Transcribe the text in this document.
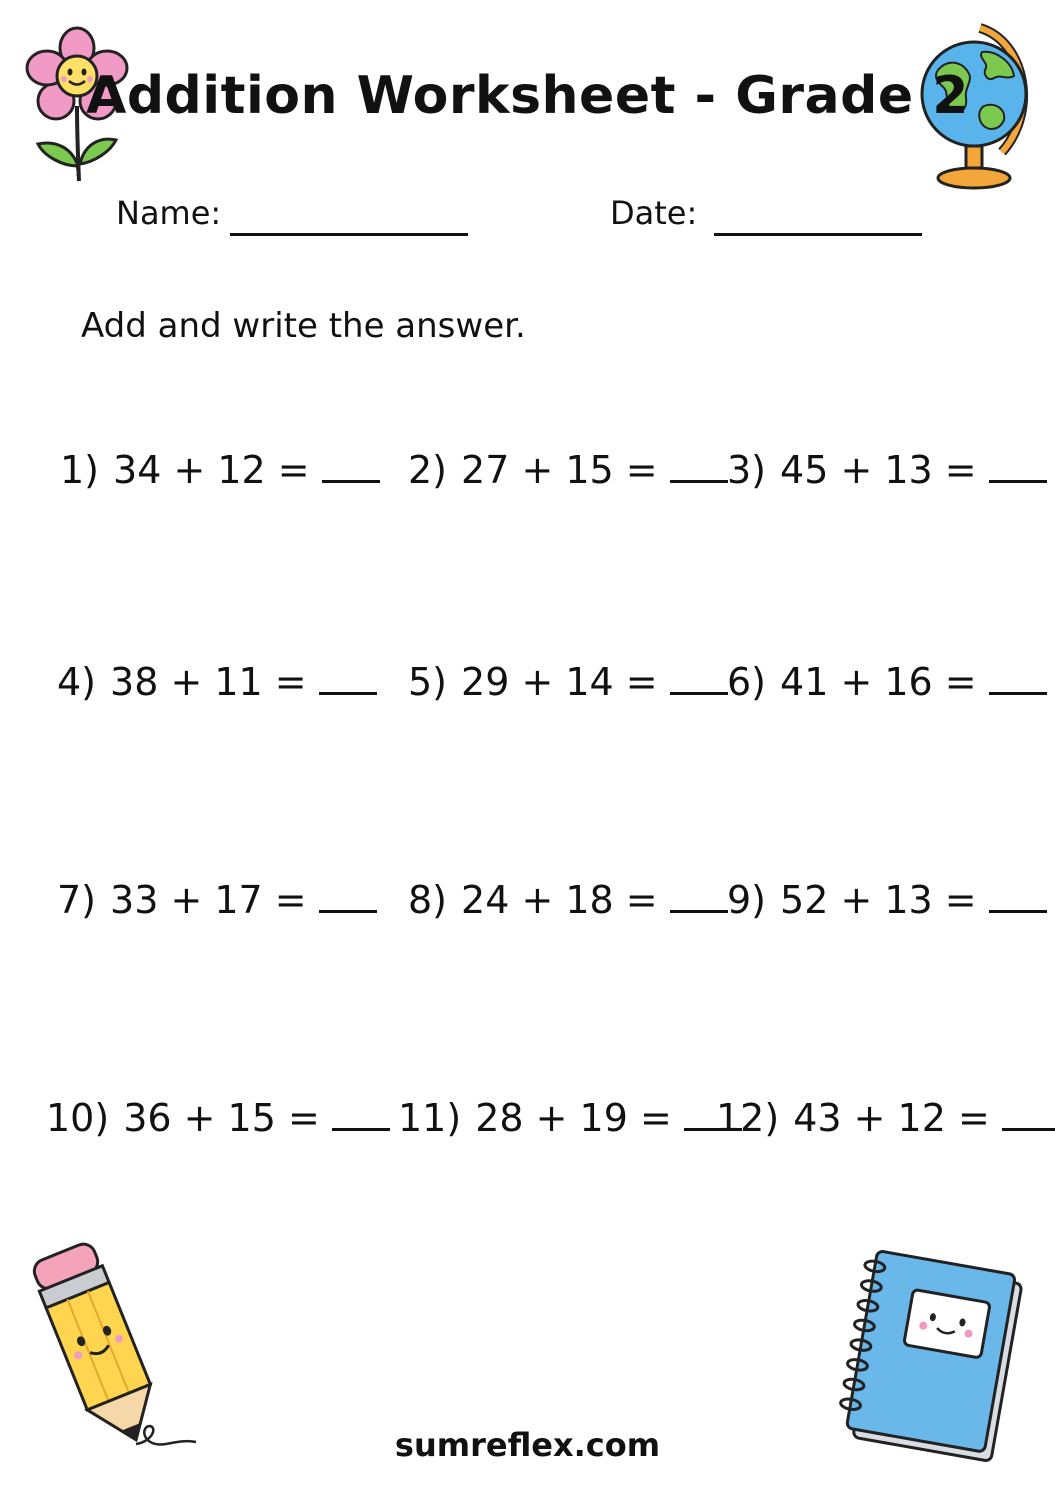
Addition Worksheet - Grade 2
Name:	Date:
Add and write the answer.
1) 34 + 12 =	2) 27 + 15 = 3) 45 + 13 =
4) 38 + 11 =	5) 29 + 14 = 6) 41 + 16 =
7) 33 + 17 =	8) 24 + 18 = 9) 52 + 13 =
10) 36 + 15 = 11) 28 + 19 = 12) 43 + 12 =
sumreflex.com
